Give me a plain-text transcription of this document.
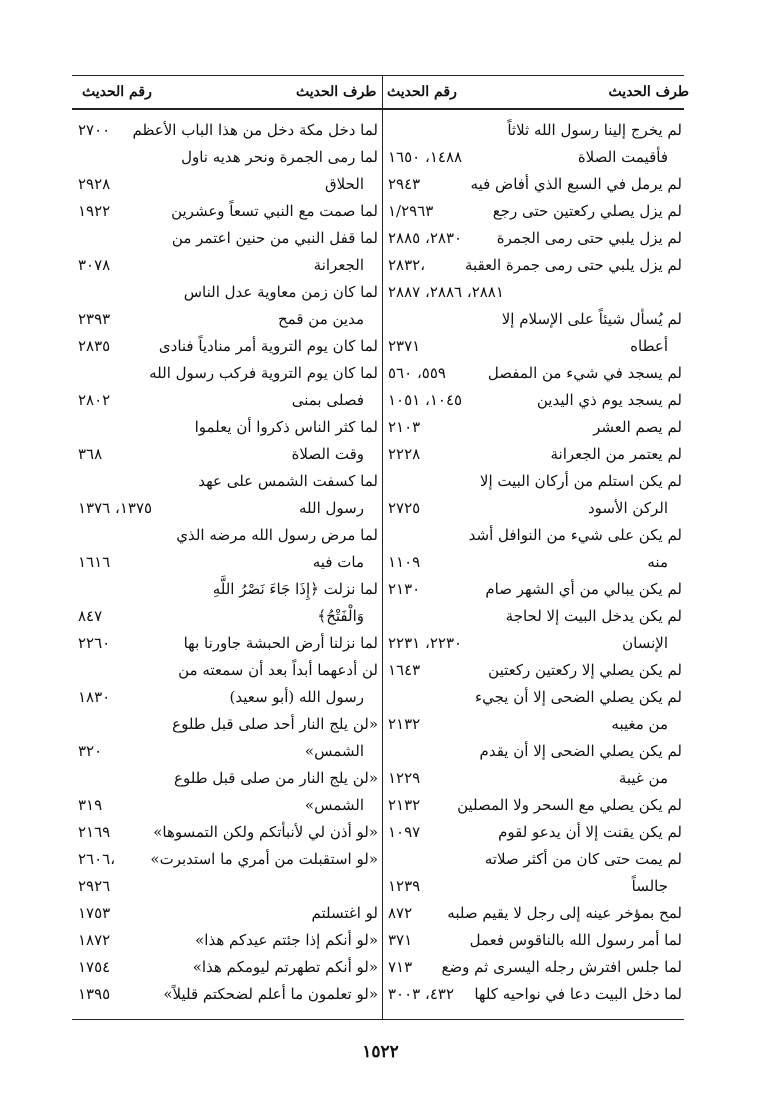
طرف الحديث
رقم الحديث
طرف الحديث
رقم الحديث
لم يخرج إلينا رسول الله ثلاثاً
فأقيمت الصلاة
١٤٨٨، ١٦٥٠
لم يرمل في السبع الذي أفاض فيه
٢٩٤٣
لم يزل يصلي ركعتين حتى رجع
١/٢٩٦٣
لم يزل يلبي حتى رمى الجمرة
٢٨٣٠، ٢٨٨٥
لم يزل يلبي حتى رمى جمرة العقبة
٢٨٣٢،
٢٨٨١، ٢٨٨٦، ٢٨٨٧
لم يُسأل شيئاً على الإسلام إلا
أعطاه
٢٣٧١
لم يسجد في شيء من المفصل
٥٥٩، ٥٦٠
لم يسجد يوم ذي اليدين
١٠٤٥، ١٠٥١
لم يصم العشر
٢١٠٣
لم يعتمر من الجعرانة
٢٢٢٨
لم يكن استلم من أركان البيت إلا
الركن الأسود
٢٧٢٥
لم يكن على شيء من النوافل أشد
منه
١١٠٩
لم يكن يبالي من أي الشهر صام
٢١٣٠
لم يكن يدخل البيت إلا لحاجة
الإنسان
٢٢٣٠، ٢٢٣١
لم يكن يصلي إلا ركعتين ركعتين
١٦٤٣
لم يكن يصلي الضحى إلا أن يجيء
من مغيبه
٢١٣٢
لم يكن يصلي الضحى إلا أن يقدم
من غيبة
١٢٢٩
لم يكن يصلي مع السحر ولا المصلين
٢١٣٢
لم يكن يقنت إلا أن يدعو لقوم
١٠٩٧
لم يمت حتى كان من أكثر صلاته
جالساً
١٢٣٩
لمح بمؤخر عينه إلى رجل لا يقيم صلبه
٨٧٢
لما أمر رسول الله بالناقوس فعمل
٣٧١
لما جلس افترش رجله اليسرى ثم وضع
٧١٣
لما دخل البيت دعا في نواحيه كلها
٤٣٢، ٣٠٠٣
لما دخل مكة دخل من هذا الباب الأعظم
٢٧٠٠
لما رمى الجمرة ونحر هديه ناول
الحلاق
٢٩٢٨
لما صمت مع النبي تسعاً وعشرين
١٩٢٢
لما قفل النبي من حنين اعتمر من
الجعرانة
٣٠٧٨
لما كان زمن معاوية عدل الناس
مدين من قمح
٢٣٩٣
لما كان يوم التروية أمر منادياً فنادى
٢٨٣٥
لما كان يوم التروية فركب رسول الله
فصلى بمنى
٢٨٠٢
لما كثر الناس ذكروا أن يعلموا
وقت الصلاة
٣٦٨
لما كسفت الشمس على عهد
رسول الله
١٣٧٥، ١٣٧٦
لما مرض رسول الله مرضه الذي
مات فيه
١٦١٦
لما نزلت ﴿إِذَا جَاءَ نَصْرُ اللَّهِ
وَالْفَتْحُ﴾
٨٤٧
لما نزلنا أرض الحبشة جاورنا بها
٢٢٦٠
لن أدعهما أبداً بعد أن سمعته من
رسول الله (أبو سعيد)
١٨٣٠
«لن يلج النار أحد صلى قبل طلوع
الشمس»
٣٢٠
«لن يلج النار من صلى قبل طلوع
الشمس»
٣١٩
«لو أذن لي لأنبأتكم ولكن التمسوها»
٢١٦٩
«لو استقبلت من أمري ما استدبرت»
٢٦٠٦،
٢٩٢٦
لو اغتسلتم
١٧٥٣
«لو أنكم إذا جئتم عيدكم هذا»
١٨٧٢
«لو أنكم تطهرتم ليومكم هذا»
١٧٥٤
«لو تعلمون ما أعلم لضحكتم قليلاً»
١٣٩٥
١٥٢٢
